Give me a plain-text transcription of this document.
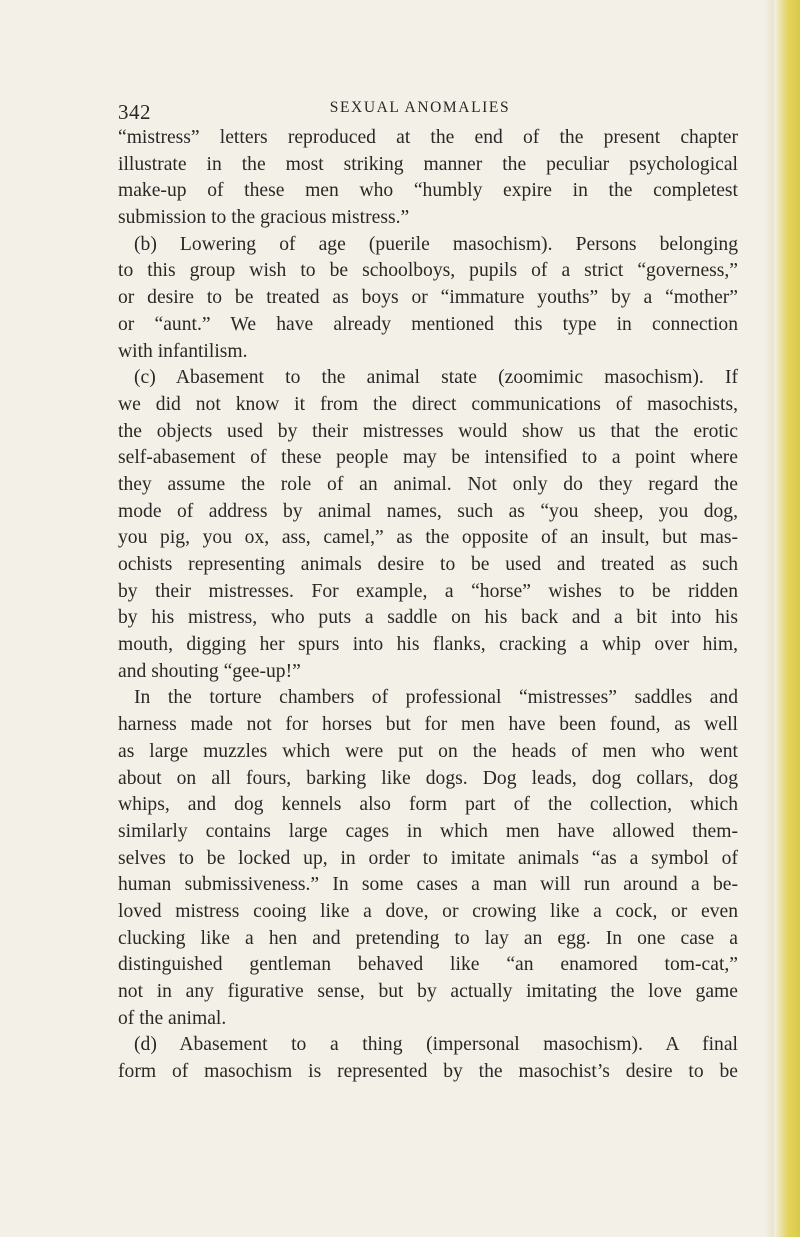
342	SEXUAL ANOMALIES
“mistress” letters reproduced at the end of the present chapter
illustrate in the most striking manner the peculiar psychological
make-up of these men who “humbly expire in the completest
submission to the gracious mistress.”
(b) Lowering of age (puerile masochism). Persons belonging
to this group wish to be schoolboys, pupils of a strict “governess,”
or desire to be treated as boys or “immature youths” by a “mother”
or “aunt.” We have already mentioned this type in connection
with infantilism.
(c) Abasement to the animal state (zoomimic masochism). If
we did not know it from the direct communications of masochists,
the objects used by their mistresses would show us that the erotic
self-abasement of these people may be intensified to a point where
they assume the role of an animal. Not only do they regard the
mode of address by animal names, such as “you sheep, you dog,
you pig, you ox, ass, camel,” as the opposite of an insult, but mas-
ochists representing animals desire to be used and treated as such
by their mistresses. For example, a “horse” wishes to be ridden
by his mistress, who puts a saddle on his back and a bit into his
mouth, digging her spurs into his flanks, cracking a whip over him,
and shouting “gee-up!”
In the torture chambers of professional “mistresses” saddles and
harness made not for horses but for men have been found, as well
as large muzzles which were put on the heads of men who went
about on all fours, barking like dogs. Dog leads, dog collars, dog
whips, and dog kennels also form part of the collection, which
similarly contains large cages in which men have allowed them-
selves to be locked up, in order to imitate animals “as a symbol of
human submissiveness.” In some cases a man will run around a be-
loved mistress cooing like a dove, or crowing like a cock, or even
clucking like a hen and pretending to lay an egg. In one case a
distinguished gentleman behaved like “an enamored tom-cat,”
not in any figurative sense, but by actually imitating the love game
of the animal.
(d) Abasement to a thing (impersonal masochism). A final
form of masochism is represented by the masochist’s desire to be
